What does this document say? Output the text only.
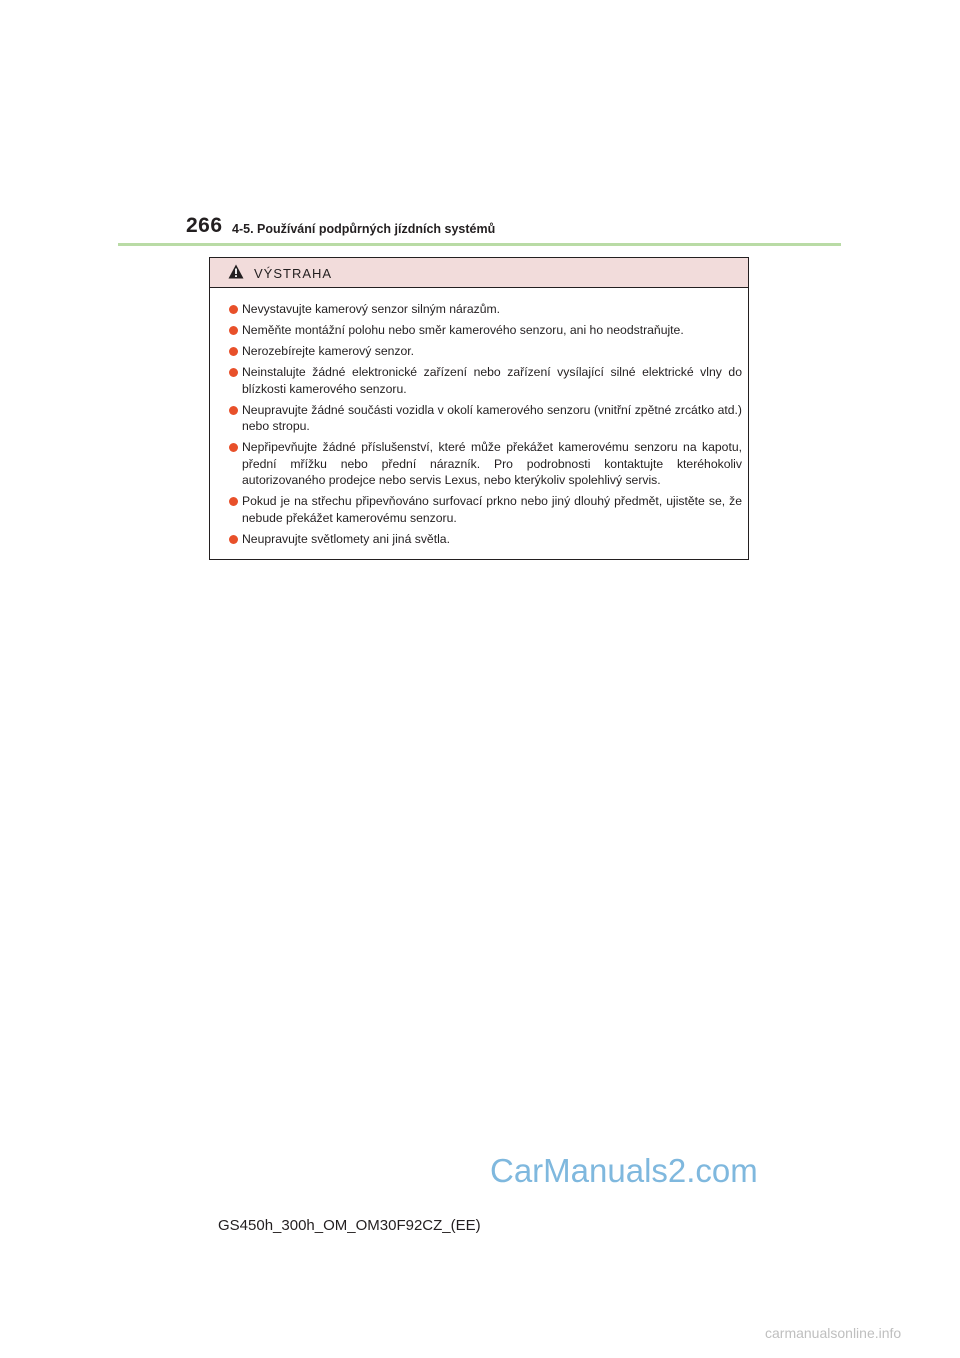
266 4-5. Používání podpůrných jízdních systémů
VÝSTRAHA
Nevystavujte kamerový senzor silným nárazům.
Neměňte montážní polohu nebo směr kamerového senzoru, ani ho neodstraňujte.
Nerozebírejte kamerový senzor.
Neinstalujte žádné elektronické zařízení nebo zařízení vysílající silné elektrické vlny do blízkosti kamerového senzoru.
Neupravujte žádné součásti vozidla v okolí kamerového senzoru (vnitřní zpětné zrcátko atd.) nebo stropu.
Nepřipevňujte žádné příslušenství, které může překážet kamerovému senzoru na kapotu, přední mřížku nebo přední nárazník. Pro podrobnosti kontaktujte kteréhokoliv autorizovaného prodejce nebo servis Lexus, nebo kterýkoliv spolehlivý servis.
Pokud je na střechu připevňováno surfovací prkno nebo jiný dlouhý předmět, ujistěte se, že nebude překážet kamerovému senzoru.
Neupravujte světlomety ani jiná světla.
CarManuals2.com
GS450h_300h_OM_OM30F92CZ_(EE)
carmanualsonline.info
